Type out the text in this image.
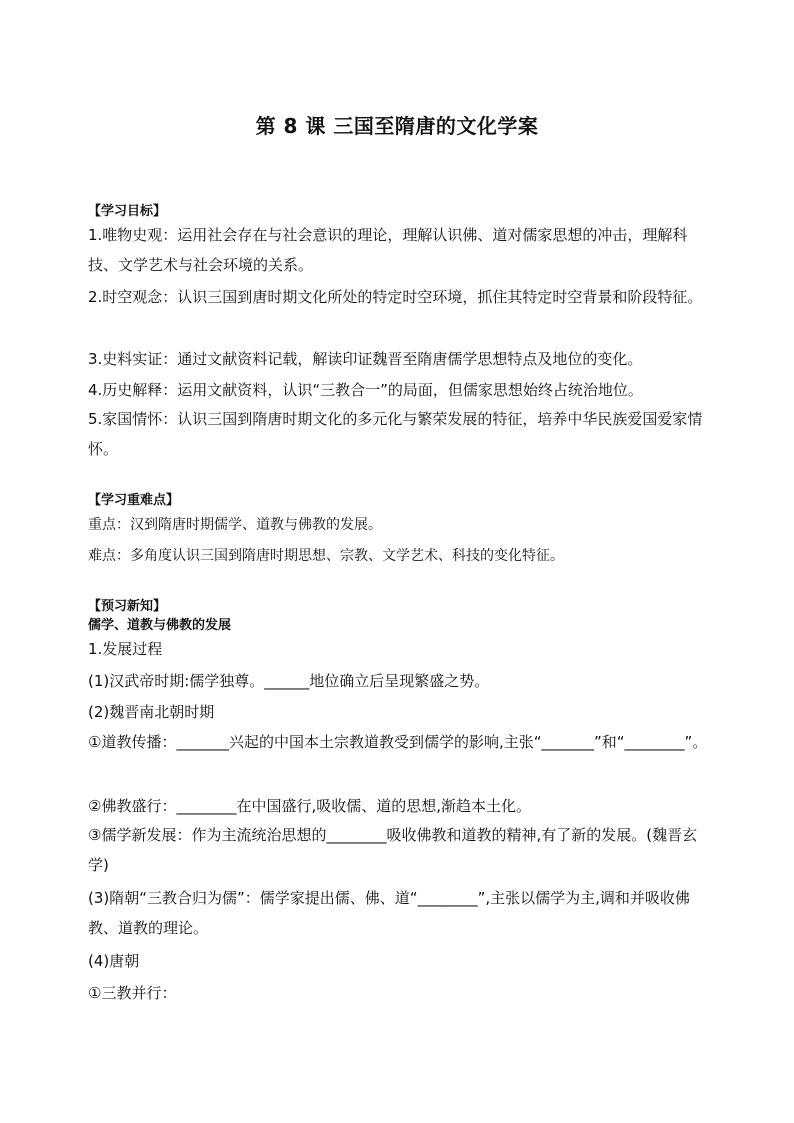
第 8 课 三国至隋唐的文化学案
【学习目标】
1.唯物史观：运用社会存在与社会意识的理论，理解认识佛、道对儒家思想的冲击，理解科技、文学艺术与社会环境的关系。
2.时空观念：认识三国到唐时期文化所处的特定时空环境，抓住其特定时空背景和阶段特征。
3.史料实证：通过文献资料记载，解读印证魏晋至隋唐儒学思想特点及地位的变化。
4.历史解释：运用文献资料，认识“三教合一”的局面，但儒家思想始终占统治地位。
5.家国情怀：认识三国到隋唐时期文化的多元化与繁荣发展的特征，培养中华民族爱国爱家情怀。
【学习重难点】
重点：汉到隋唐时期儒学、道教与佛教的发展。
难点：多角度认识三国到隋唐时期思想、宗教、文学艺术、科技的变化特征。
【预习新知】
儒学、道教与佛教的发展
1.发展过程
(1)汉武帝时期:儒学独尊。______地位确立后呈现繁盛之势。
(2)魏晋南北朝时期
①道教传播：_______兴起的中国本土宗教道教受到儒学的影响,主张“_______”和“________”。
②佛教盛行：________在中国盛行,吸收儒、道的思想,渐趋本土化。
③儒学新发展：作为主流统治思想的________吸收佛教和道教的精神,有了新的发展。(魏晋玄学)
(3)隋朝“三教合归为儒”：儒学家提出儒、佛、道“________”,主张以儒学为主,调和并吸收佛教、道教的理论。
(4)唐朝
①三教并行：
